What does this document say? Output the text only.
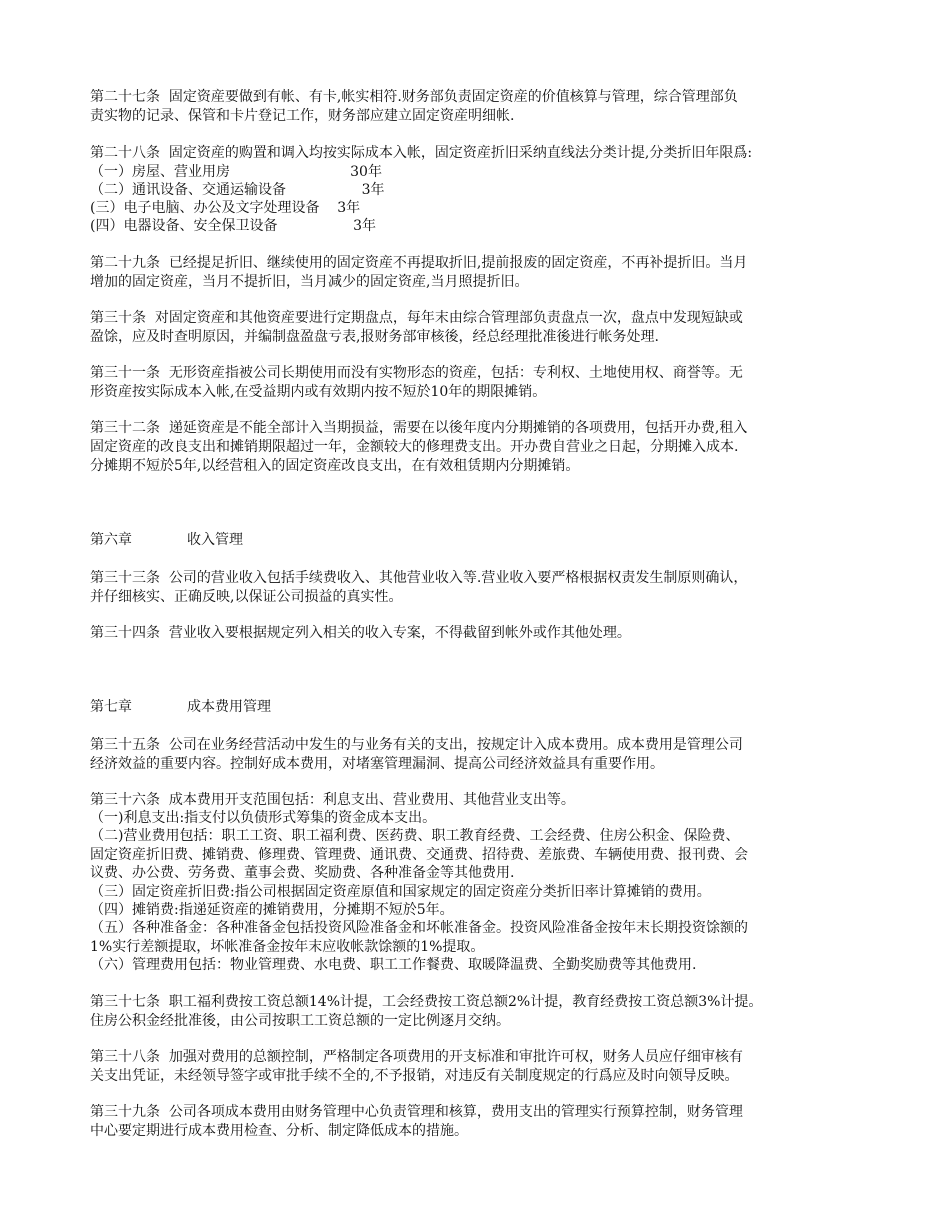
第二十七条  固定资産要做到有帐、有卡,帐实相符.财务部负责固定资産的价值核算与管理，综合管理部负
责实物的记录、保管和卡片登记工作，财务部应建立固定资産明细帐.
第二十八条  固定资産的购置和调入均按实际成本入帐，固定资産折旧采纳直线法分类计提,分类折旧年限爲:
（一）房屋、营业用房                           30年
（二）通讯设备、交通运输设备                 3年
(三）电子电脑、办公及文字处理设备    3年
(四）电器设备、安全保卫设备                 3年
第二十九条  已经提足折旧、继续使用的固定资産不再提取折旧,提前报废的固定资産，不再补提折旧。当月
增加的固定资産，当月不提折旧，当月减少的固定资産,当月照提折旧。
第三十条  对固定资産和其他资産要进行定期盘点，每年末由综合管理部负责盘点一次，盘点中发现短缺或
盈馀，应及时查明原因，并编制盘盈盘亏表,报财务部审核後，经总经理批准後进行帐务处理.
第三十一条  无形资産指被公司长期使用而没有实物形态的资産，包括：专利权、土地使用权、商誉等。无
形资産按实际成本入帐,在受益期内或有效期内按不短於10年的期限摊销。
第三十二条  递延资産是不能全部计入当期损益，需要在以後年度内分期摊销的各项费用，包括开办费,租入
固定资産的改良支出和摊销期限超过一年，金额较大的修理费支出。开办费自营业之日起，分期摊入成本.
分摊期不短於5年,以经营租入的固定资産改良支出，在有效租赁期内分期摊销。
第六章	收入管理
第三十三条  公司的营业收入包括手续费收入、其他营业收入等.营业收入要严格根据权责发生制原则确认，
并仔细核实、正确反映,以保证公司损益的真实性。
第三十四条  营业收入要根据规定列入相关的收入专案，不得截留到帐外或作其他处理。
第七章	成本费用管理
第三十五条  公司在业务经营活动中发生的与业务有关的支出，按规定计入成本费用。成本费用是管理公司
经济效益的重要内容。控制好成本费用，对堵塞管理漏洞、提高公司经济效益具有重要作用。
第三十六条  成本费用开支范围包括：利息支出、营业费用、其他营业支出等。
（一)利息支出:指支付以负债形式筹集的资金成本支出。
（二)营业费用包括：职工工资、职工福利费、医药费、职工教育经费、工会经费、住房公积金、保险费、
固定资産折旧费、摊销费、修理费、管理费、通讯费、交通费、招待费、差旅费、车辆使用费、报刊费、会
议费、办公费、劳务费、董事会费、奖励费、各种准备金等其他费用.
（三）固定资産折旧费:指公司根据固定资産原值和国家规定的固定资産分类折旧率计算摊销的费用。
（四）摊销费:指递延资産的摊销费用，分摊期不短於5年。
（五）各种准备金：各种准备金包括投资风险准备金和坏帐准备金。投资风险准备金按年末长期投资馀额的
1%实行差额提取，坏帐准备金按年末应收帐款馀额的1%提取。
（六）管理费用包括：物业管理费、水电费、职工工作餐费、取暖降温费、全勤奖励费等其他费用.
第三十七条  职工福利费按工资总额14%计提，工会经费按工资总额2%计提，教育经费按工资总额3%计提。
住房公积金经批准後，由公司按职工工资总额的一定比例逐月交纳。
第三十八条  加强对费用的总额控制，严格制定各项费用的开支标准和审批许可权，财务人员应仔细审核有
关支出凭证，未经领导签字或审批手续不全的,不予报销，对违反有关制度规定的行爲应及时向领导反映。
第三十九条  公司各项成本费用由财务管理中心负责管理和核算，费用支出的管理实行预算控制，财务管理
中心要定期进行成本费用检查、分析、制定降低成本的措施。
